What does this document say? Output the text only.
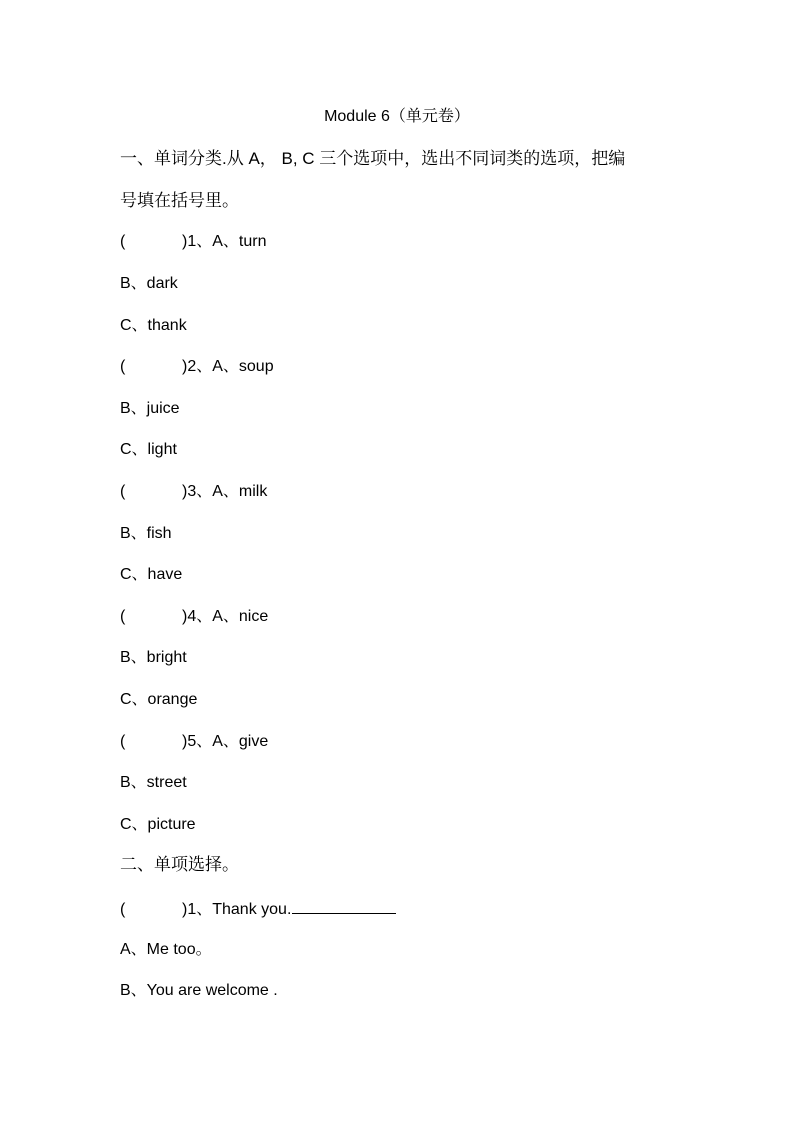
Module 6（单元卷）
一、单词分类.从 A， B, C 三个选项中，选出不同词类的选项，把编
号填在括号里。
(	)1、A、turn
B、dark
C、thank
(	)2、A、soup
B、juice
C、light
(	)3、A、milk
B、fish
C、have
(	)4、A、nice
B、bright
C、orange
(	)5、A、give
B、street
C、picture
二、单项选择。
(	)1、Thank you.
A、Me too。
B、You are welcome .
